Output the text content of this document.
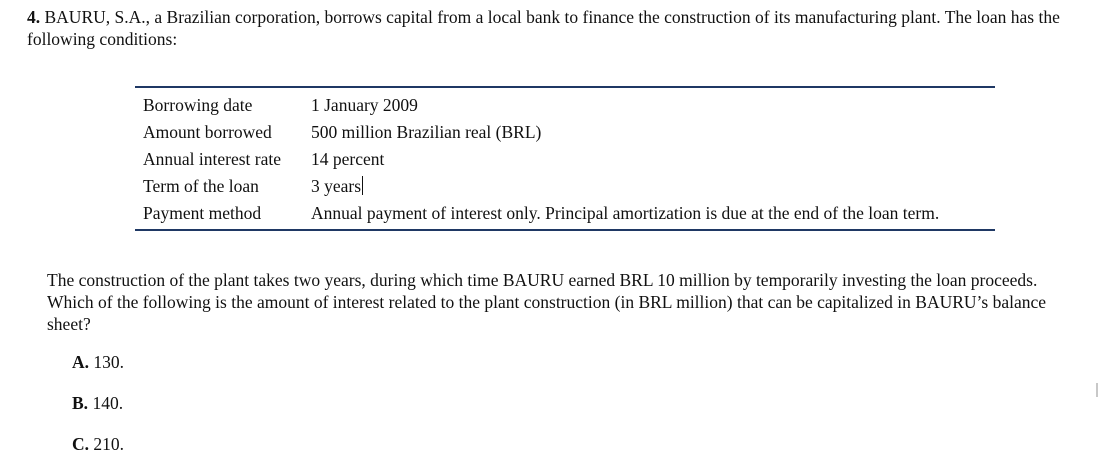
4. BAURU, S.A., a Brazilian corporation, borrows capital from a local bank to finance the construction of its manufacturing plant. The loan has the following conditions:

Borrowing date	1 January 2009
Amount borrowed	500 million Brazilian real (BRL)
Annual interest rate	14 percent
Term of the loan	3 years
Payment method	Annual payment of interest only. Principal amortization is due at the end of the loan term.

The construction of the plant takes two years, during which time BAURU earned BRL 10 million by temporarily investing the loan proceeds. Which of the following is the amount of interest related to the plant construction (in BRL million) that can be capitalized in BAURU’s balance sheet?

A. 130.
B. 140.
C. 210.
